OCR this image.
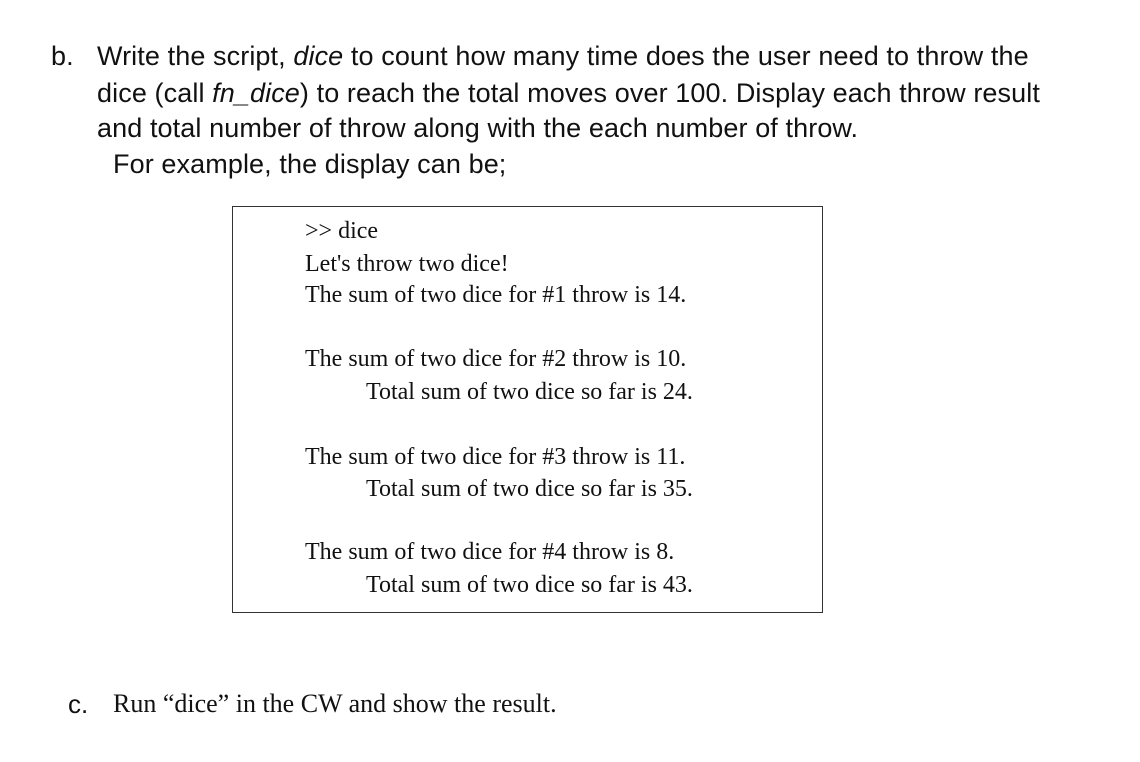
b. Write the script, dice to count how many time does the user need to throw the
dice (call fn_dice) to reach the total moves over 100. Display each throw result
and total number of throw along with the each number of throw.
For example, the display can be;
>> dice
Let's throw two dice!
The sum of two dice for #1 throw is 14.
The sum of two dice for #2 throw is 10.
Total sum of two dice so far is 24.
The sum of two dice for #3 throw is 11.
Total sum of two dice so far is 35.
The sum of two dice for #4 throw is 8.
Total sum of two dice so far is 43.
c. Run “dice” in the CW and show the result.
